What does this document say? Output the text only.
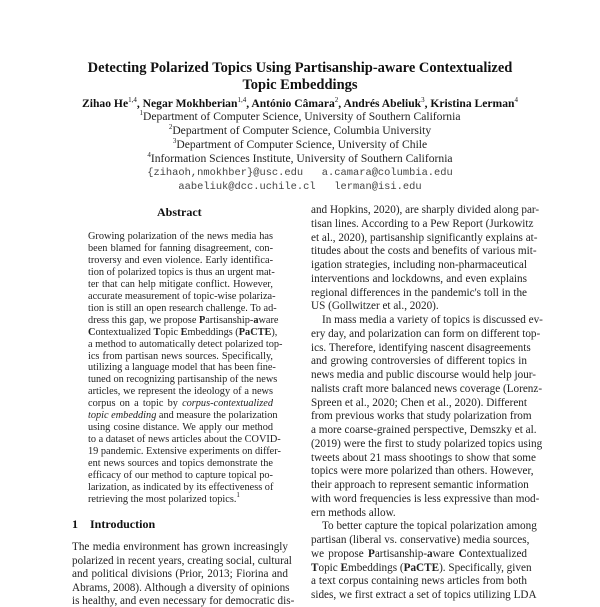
Detecting Polarized Topics Using Partisanship-aware Contextualized
Topic Embeddings
Zihao He$^{1,4}$, Negar Mokhberian$^{1,4}$, António Câmara$^2$, Andrés Abeliuk$^3$, Kristina Lerman$^4$
$^1$Department of Computer Science, University of Southern California
$^2$Department of Computer Science, Columbia University
$^3$Department of Computer Science, University of Chile
$^4$Information Sciences Institute, University of Southern California
{zihaoh,nmokhber}@usc.edu   a.camara@columbia.edu
aabeliuk@dcc.uchile.cl   lerman@isi.edu
Abstract
Growing polarization of the news media has
been blamed for fanning disagreement, con-
troversy and even violence. Early identifica-
tion of polarized topics is thus an urgent mat-
ter that can help mitigate conflict. However,
accurate measurement of topic-wise polariza-
tion is still an open research challenge. To ad-
dress this gap, we propose Partisanship-aware
Contextualized Topic Embeddings (PaCTE),
a method to automatically detect polarized top-
ics from partisan news sources. Specifically,
utilizing a language model that has been fine-
tuned on recognizing partisanship of the news
articles, we represent the ideology of a news
corpus on a topic by corpus-contextualized
topic embedding and measure the polarization
using cosine distance. We apply our method
to a dataset of news articles about the COVID-
19 pandemic. Extensive experiments on differ-
ent news sources and topics demonstrate the
efficacy of our method to capture topical po-
larization, as indicated by its effectiveness of
retrieving the most polarized topics.$^1$
1 Introduction
The media environment has grown increasingly
polarized in recent years, creating social, cultural
and political divisions (Prior, 2013; Fiorina and
Abrams, 2008). Although a diversity of opinions
is healthy, and even necessary for democratic dis-
and Hopkins, 2020), are sharply divided along par-
tisan lines. According to a Pew Report (Jurkowitz
et al., 2020), partisanship significantly explains at-
titudes about the costs and benefits of various mit-
igation strategies, including non-pharmaceutical
interventions and lockdowns, and even explains
regional differences in the pandemic's toll in the
US (Gollwitzer et al., 2020).
In mass media a variety of topics is discussed ev-
ery day, and polarization can form on different top-
ics. Therefore, identifying nascent disagreements
and growing controversies of different topics in
news media and public discourse would help jour-
nalists craft more balanced news coverage (Lorenz-
Spreen et al., 2020; Chen et al., 2020). Different
from previous works that study polarization from
a more coarse-grained perspective, Demszky et al.
(2019) were the first to study polarized topics using
tweets about 21 mass shootings to show that some
topics were more polarized than others. However,
their approach to represent semantic information
with word frequencies is less expressive than mod-
ern methods allow.
To better capture the topical polarization among
partisan (liberal vs. conservative) media sources,
we propose Partisanship-aware Contextualized
Topic Embeddings (PaCTE). Specifically, given
a text corpus containing news articles from both
sides, we first extract a set of topics utilizing LDA
